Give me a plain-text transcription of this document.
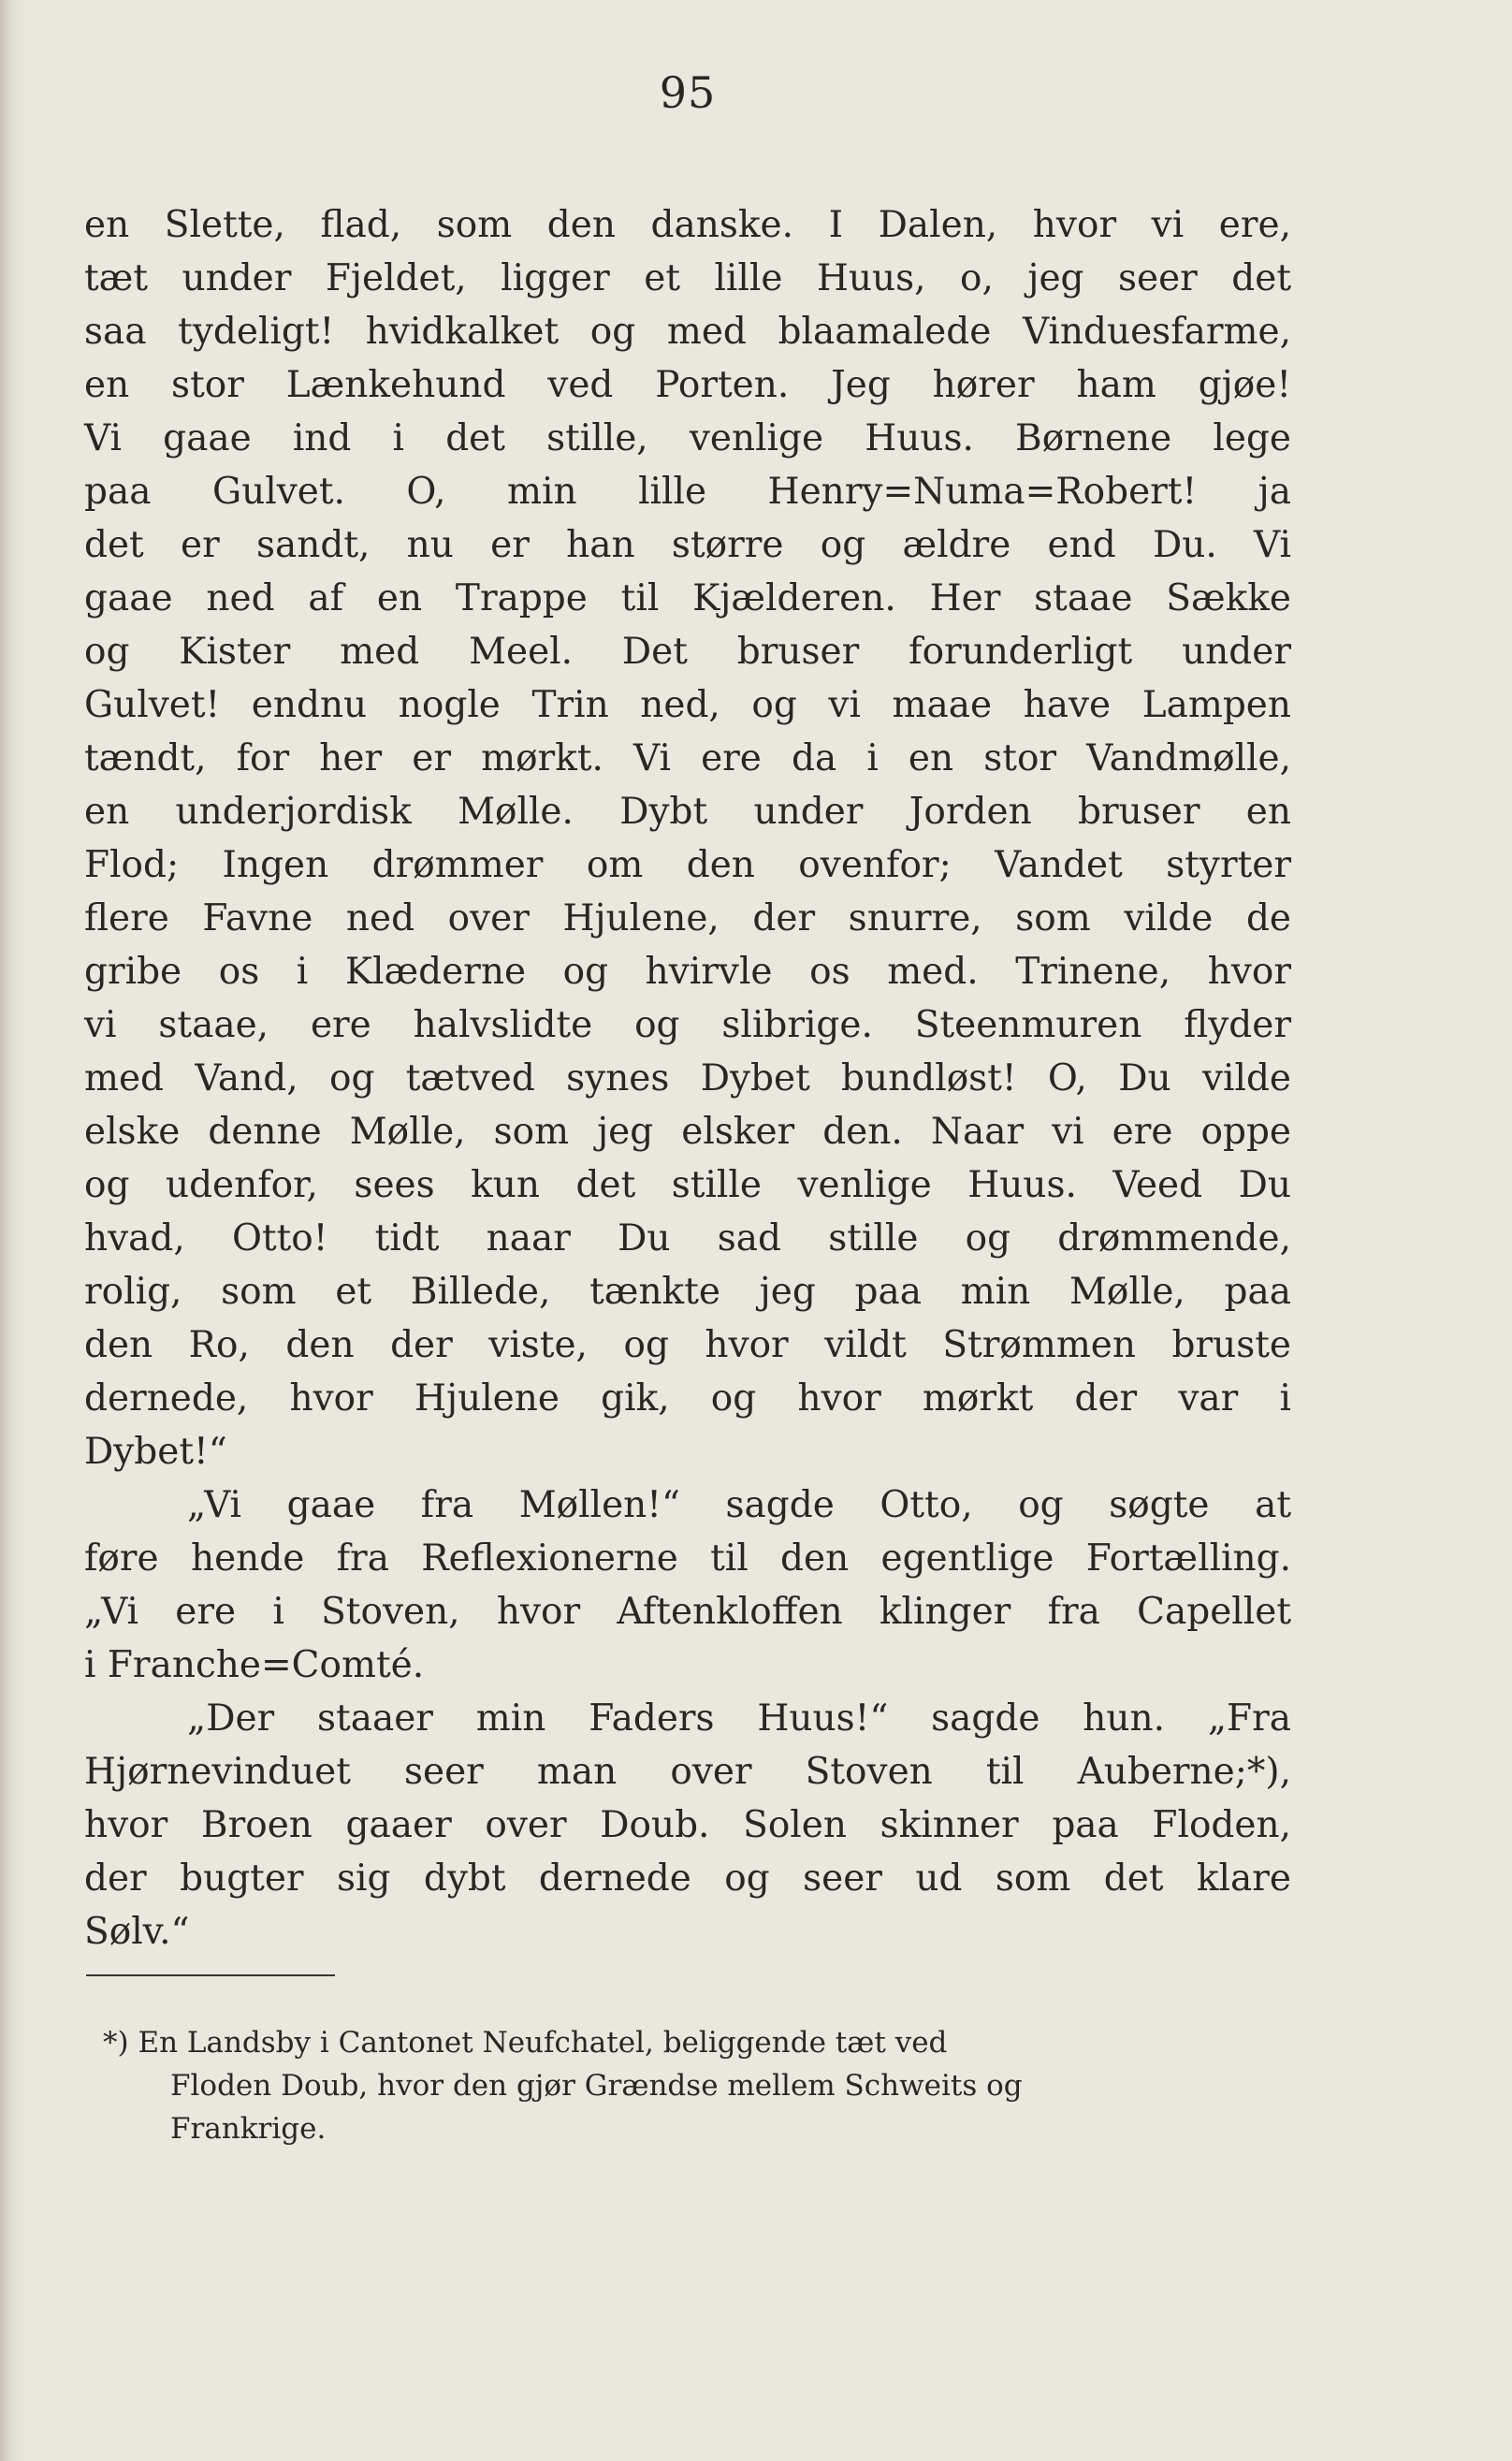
95
en Slette, flad, som den danske. I Dalen, hvor vi ere,
tæt under Fjeldet, ligger et lille Huus, o, jeg seer det
saa tydeligt! hvidkalket og med blaamalede Vinduesfarme,
en stor Lænkehund ved Porten. Jeg hører ham gjøe!
Vi gaae ind i det stille, venlige Huus. Børnene lege
paa Gulvet. O, min lille Henry=Numa=Robert! ja
det er sandt, nu er han større og ældre end Du. Vi
gaae ned af en Trappe til Kjælderen. Her staae Sække
og Kister med Meel. Det bruser forunderligt under
Gulvet! endnu nogle Trin ned, og vi maae have Lampen
tændt, for her er mørkt. Vi ere da i en stor Vandmølle,
en underjordisk Mølle. Dybt under Jorden bruser en
Flod; Ingen drømmer om den ovenfor; Vandet styrter
flere Favne ned over Hjulene, der snurre, som vilde de
gribe os i Klæderne og hvirvle os med. Trinene, hvor
vi staae, ere halvslidte og slibrige. Steenmuren flyder
med Vand, og tætved synes Dybet bundløst! O, Du vilde
elske denne Mølle, som jeg elsker den. Naar vi ere oppe
og udenfor, sees kun det stille venlige Huus. Veed Du
hvad, Otto! tidt naar Du sad stille og drømmende,
rolig, som et Billede, tænkte jeg paa min Mølle, paa
den Ro, den der viste, og hvor vildt Strømmen bruste
dernede, hvor Hjulene gik, og hvor mørkt der var i
Dybet!“
„Vi gaae fra Møllen!“ sagde Otto, og søgte at
føre hende fra Reflexionerne til den egentlige Fortælling.
„Vi ere i Stoven, hvor Aftenkloffen klinger fra Capellet
i Franche=Comté.
„Der staaer min Faders Huus!“ sagde hun. „Fra
Hjørnevinduet seer man over Stoven til Auberne;*),
hvor Broen gaaer over Doub. Solen skinner paa Floden,
der bugter sig dybt dernede og seer ud som det klare
Sølv.“
*) En Landsby i Cantonet Neufchatel, beliggende tæt ved
Floden Doub, hvor den gjør Grændse mellem Schweits og
Frankrige.
